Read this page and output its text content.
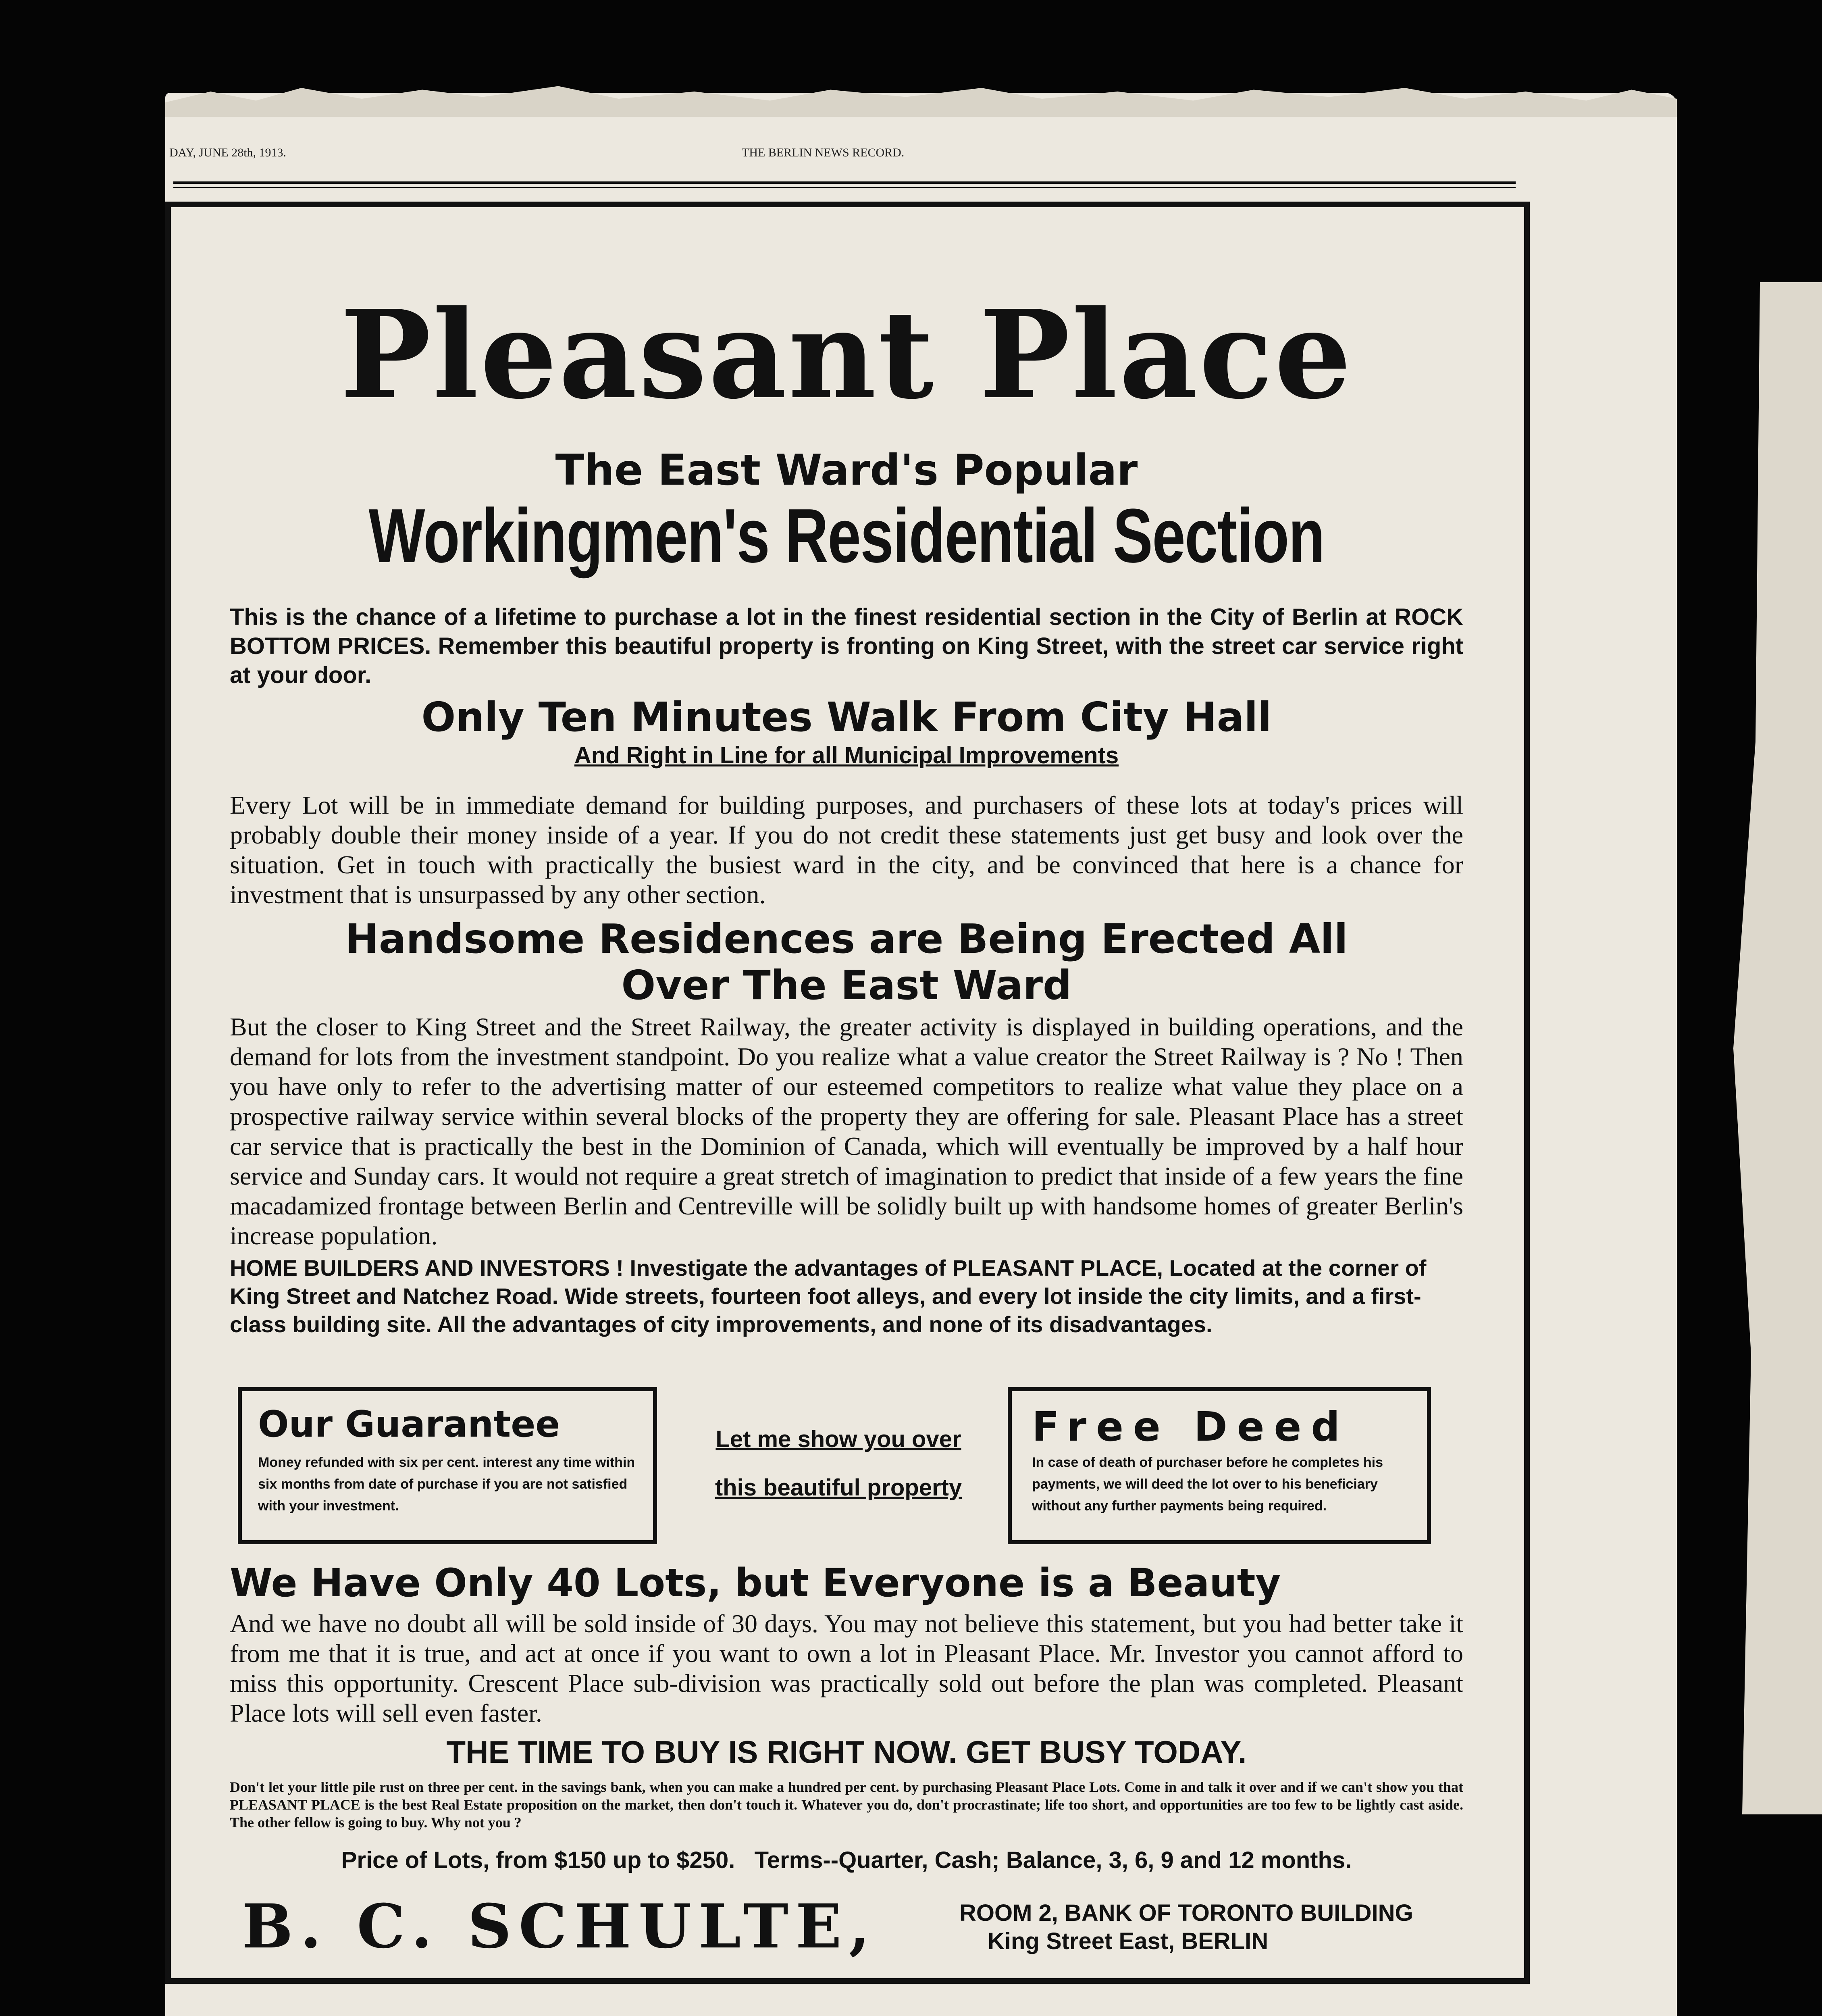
DAY, JUNE 28th, 1913.	THE BERLIN NEWS RECORD.
Pleasant Place
The East Ward's Popular
Workingmen's Residential Section

This is the chance of a lifetime to purchase a lot in the finest residential section in the City of Berlin at ROCK BOTTOM PRICES. Remember this beautiful property is fronting on King Street, with the street car service right at your door.

Only Ten Minutes Walk From City Hall
And Right in Line for all Municipal Improvements

Every Lot will be in immediate demand for building purposes, and purchasers of these lots at today's prices will probably double their money inside of a year. If you do not credit these statements just get busy and look over the situation. Get in touch with practically the busiest ward in the city, and be convinced that here is a chance for investment that is unsurpassed by any other section.

Handsome Residences are Being Erected All
Over The East Ward

But the closer to King Street and the Street Railway, the greater activity is displayed in building operations, and the demand for lots from the investment standpoint. Do you realize what a value creator the Street Railway is ? No ! Then you have only to refer to the advertising matter of our esteemed competitors to realize what value they place on a prospective railway service within several blocks of the property they are offering for sale. Pleasant Place has a street car service that is practically the best in the Dominion of Canada, which will eventually be improved by a half hour service and Sunday cars. It would not require a great stretch of imagination to predict that inside of a few years the fine macadamized frontage between Berlin and Centreville will be solidly built up with handsome homes of greater Berlin's increase population.

HOME BUILDERS AND INVESTORS ! Investigate the advantages of PLEASANT PLACE, Located at the corner of King Street and Natchez Road. Wide streets, fourteen foot alleys, and every lot inside the city limits, and a first-class building site. All the advantages of city improvements, and none of its disadvantages.
Our Guarantee

Money refunded with six per cent. interest any time within six months from date of purchase if you are not satisfied with your investment.

Let me show you over
this beautiful property
Free Deed

In case of death of purchaser before he completes his payments, we will deed the lot over to his beneficiary without any further payments being required.

We Have Only 40 Lots, but Everyone is a Beauty

And we have no doubt all will be sold inside of 30 days. You may not believe this statement, but you had better take it from me that it is true, and act at once if you want to own a lot in Pleasant Place. Mr. Investor you cannot afford to miss this opportunity. Crescent Place sub-division was practically sold out before the plan was completed. Pleasant Place lots will sell even faster.

THE TIME TO BUY IS RIGHT NOW. GET BUSY TODAY.

Don't let your little pile rust on three per cent. in the savings bank, when you can make a hundred per cent. by purchasing Pleasant Place Lots. Come in and talk it over and if we can't show you that PLEASANT PLACE is the best Real Estate proposition on the market, then don't touch it. Whatever you do, don't procrastinate; life too short, and opportunities are too few to be lightly cast aside. The other fellow is going to buy. Why not you ?

Price of Lots, from $150 up to $250.   Terms--Quarter, Cash; Balance, 3, 6, 9 and 12 months.
B. C. SCHULTE,	ROOM 2, BANK OF TORONTO BUILDING
King Street East, BERLIN
